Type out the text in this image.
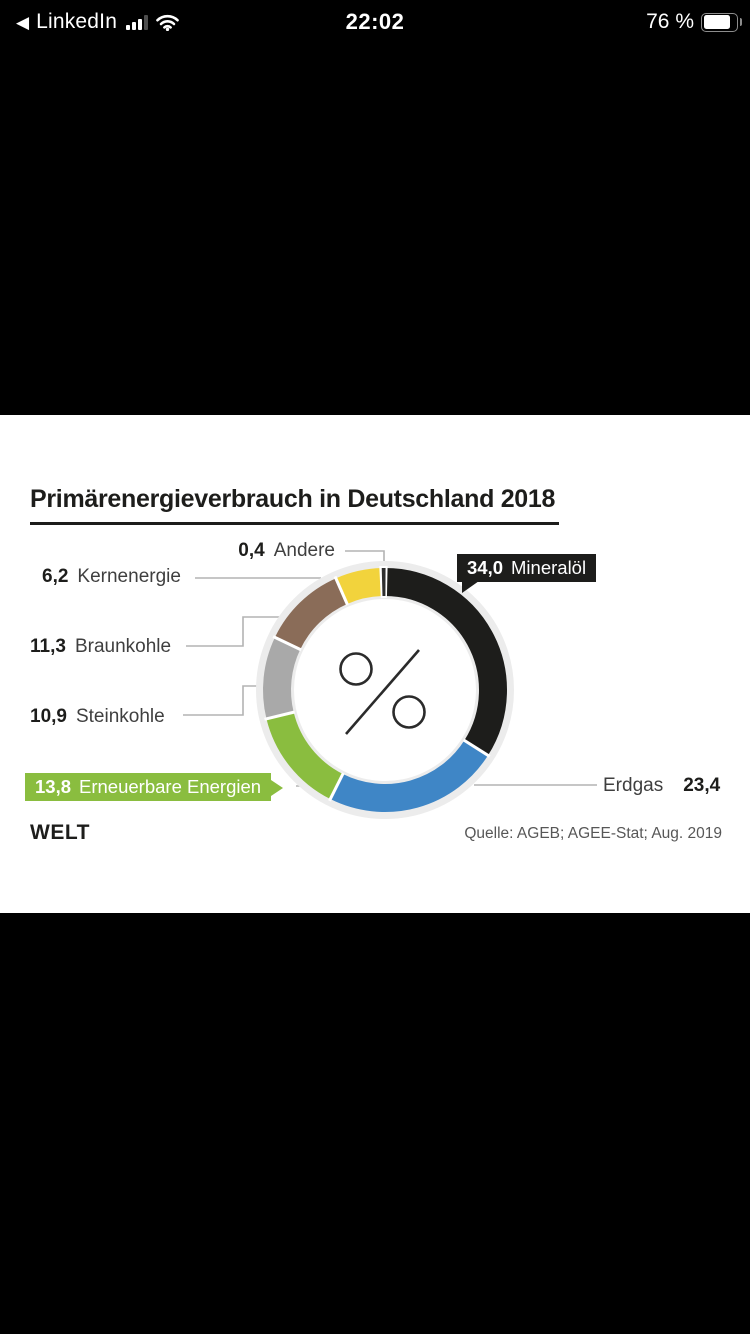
◀ LinkedIn	22:02	76 %
Primärenergieverbrauch in Deutschland 2018
0,4 Andere
6,2 Kernenergie
11,3 Braunkohle
10,9 Steinkohle
13,8 Erneuerbare Energien
34,0 Mineralöl
Erdgas 23,4
WELT	Quelle: AGEB; AGEE-Stat; Aug. 2019
